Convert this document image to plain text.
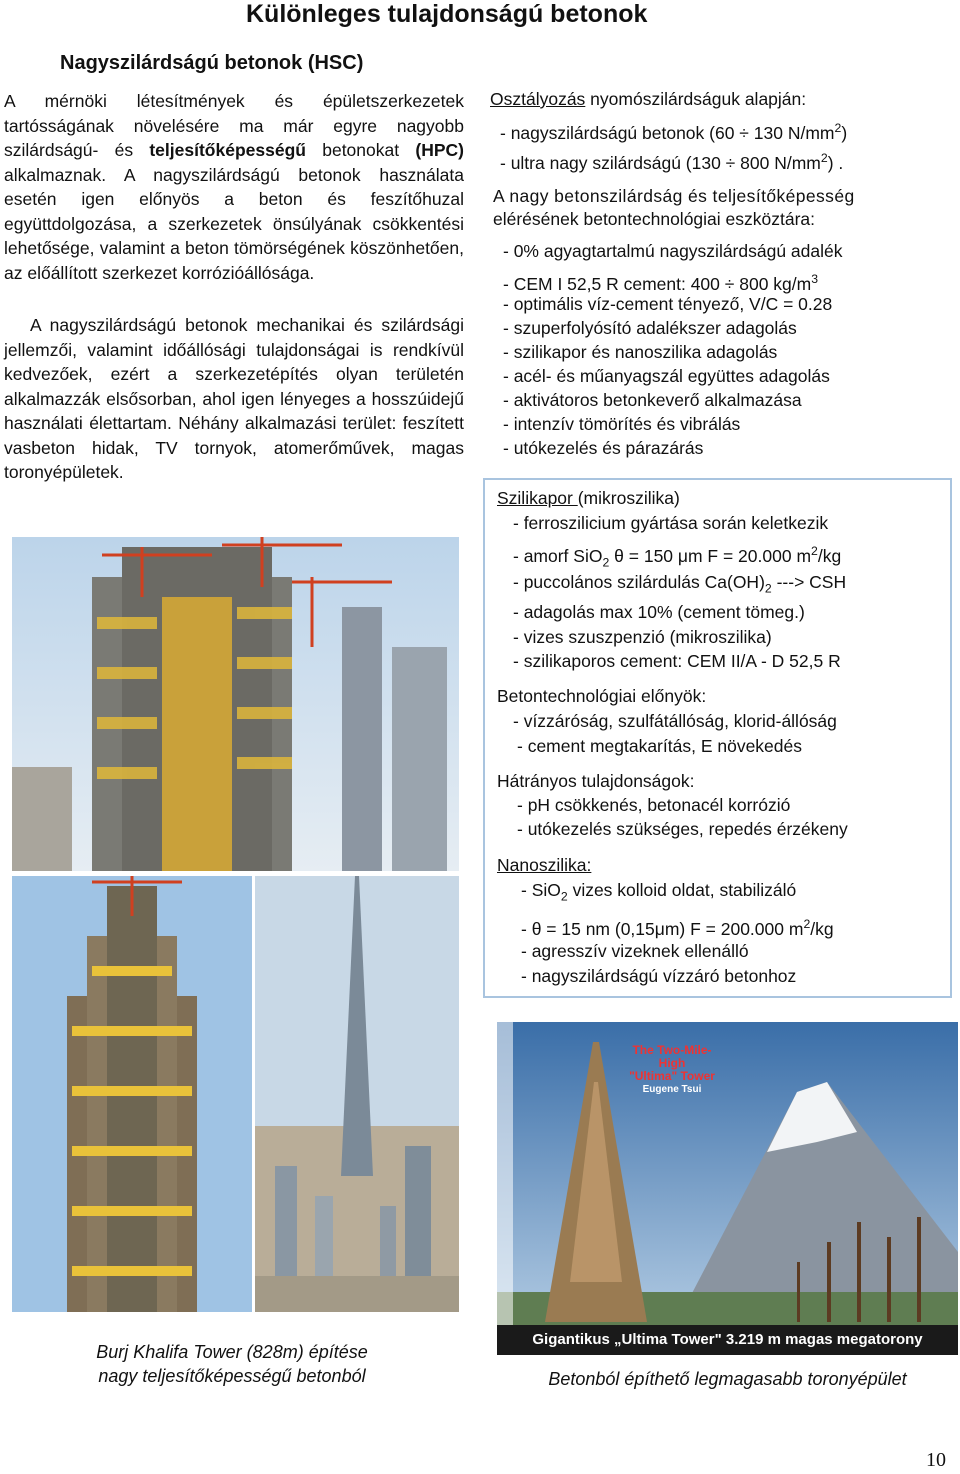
Különleges tulajdonságú betonok
Nagyszilárdságú betonok (HSC)

A mérnöki létesítmények és épületszerkezetek tartósságának növelésére ma már egyre nagyobb szilárdságú- és teljesítőképességű betonokat (HPC) alkalmaznak. A nagyszilárdságú betonok használata esetén igen előnyös a beton és feszítőhuzal együttdolgozása, a szerkezetek önsúlyának csökkentési lehetősége, valamint a beton tömörségének köszönhetően, az előállított szerkezet korrózióállósága.

A nagyszilárdságú betonok mechanikai és szilárdsági jellemzői, valamint időállósági tulajdonságai is rendkívül kedvezőek, ezért a szerkezetépítés olyan területén alkalmazzák elsősorban, ahol igen lényeges a hosszúidejű használati élettartam. Néhány alkalmazási terület: feszített vasbeton hidak, TV tornyok, atomerőművek, magas toronyépületek.

Osztályozás nyomószilárdságuk alapján:
- nagyszilárdságú betonok (60 ÷ 130 $N/mm^2$)
- ultra nagy szilárdságú (130 ÷ 800 $N/mm^2$) .
A nagy betonszilárdság és teljesítőképesség
elérésének betontechnológiai eszköztára:
- 0% agyagtartalmú nagyszilárdságú adalék
- CEM I 52,5 R cement: 400 ÷ 800 $kg/m^3$
- optimális víz-cement tényező, V/C = 0.28
- szuperfolyósító adalékszer adagolás
- szilikapor és nanoszilika adagolás
- acél- és műanyagszál együttes adagolás
- aktivátoros betonkeverő alkalmazása
- intenzív tömörítés és vibrálás
- utókezelés és párazárás
Szilikapor (mikroszilika)
- ferroszilicium gyártása során keletkezik
- amorf SiO$_2$ θ = 150 μm F = 20.000 $m^2/kg$
- puccolános szilárdulás $Ca(OH)_2$ ---> CSH
- adagolás max 10% (cement tömeg.)
- vizes szuszpenzió (mikroszilika)
- szilikaporos cement: CEM II/A - D 52,5 R
Betontechnológiai előnyök:
- vízzáróság, szulfátállóság, klorid-állóság
- cement megtakarítás, E növekedés
Hátrányos tulajdonságok:
- pH csökkenés, betonacél korrózió
- utókezelés szükséges, repedés érzékeny
Nanoszilika:
- SiO$_2$ vizes kolloid oldat, stabilizáló
- θ = 15 nm (0,15μm) F = 200.000 $m^2/kg$
- agresszív vizeknek ellenálló
- nagyszilárdságú vízzáró betonhoz
The Two-Mile-High
"Ultima" Tower
Eugene Tsui
Gigantikus „Ultima Tower" 3.219 m magas megatorony
Burj Khalifa Tower (828m) építése
nagy teljesítőképességű betonból	Betonból építhető legmagasabb toronyépület
10
